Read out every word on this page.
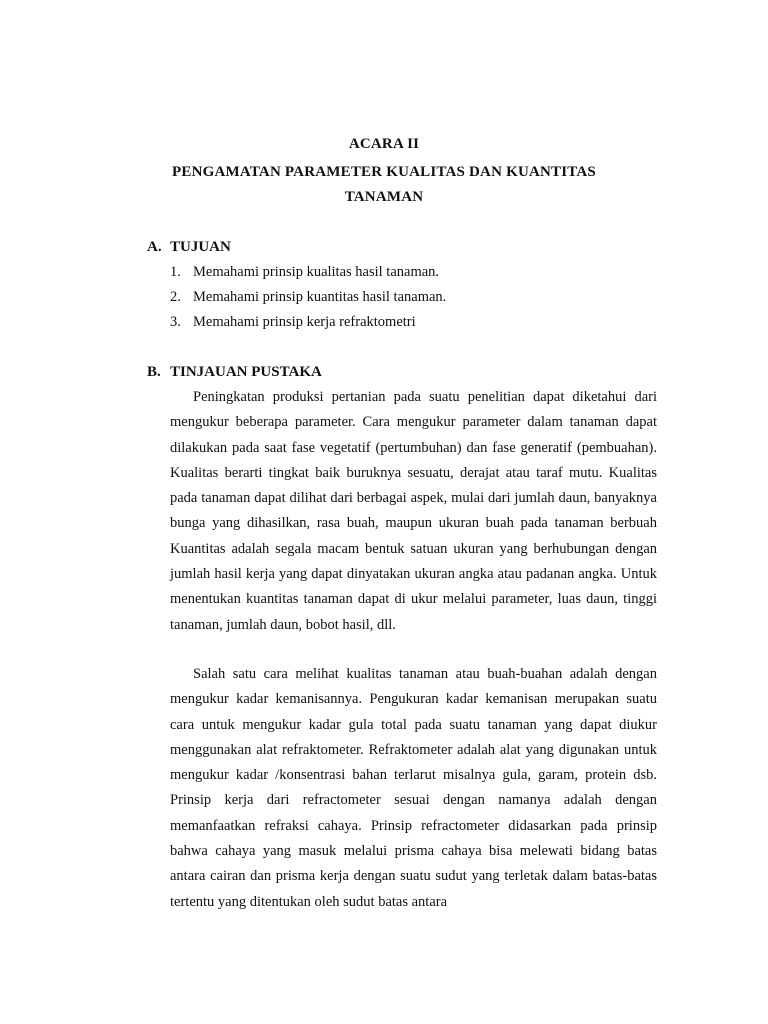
ACARA II
PENGAMATAN PARAMETER KUALITAS DAN KUANTITAS
TANAMAN
A. TUJUAN
1. Memahami prinsip kualitas hasil tanaman.
2. Memahami prinsip kuantitas hasil tanaman.
3. Memahami prinsip kerja refraktometri
B. TINJAUAN PUSTAKA

Peningkatan produksi pertanian pada suatu penelitian dapat diketahui dari mengukur beberapa parameter. Cara mengukur parameter dalam tanaman dapat dilakukan pada saat fase vegetatif (pertumbuhan) dan fase generatif (pembuahan). Kualitas berarti tingkat baik buruknya sesuatu, derajat atau taraf mutu. Kualitas pada tanaman dapat dilihat dari berbagai aspek, mulai dari jumlah daun, banyaknya bunga yang dihasilkan, rasa buah, maupun ukuran buah pada tanaman berbuah Kuantitas adalah segala macam bentuk satuan ukuran yang berhubungan dengan jumlah hasil kerja yang dapat dinyatakan ukuran angka atau padanan angka. Untuk menentukan kuantitas tanaman dapat di ukur melalui parameter, luas daun, tinggi tanaman, jumlah daun, bobot hasil, dll.

Salah satu cara melihat kualitas tanaman atau buah-buahan adalah dengan mengukur kadar kemanisannya. Pengukuran kadar kemanisan merupakan suatu cara untuk mengukur kadar gula total pada suatu tanaman yang dapat diukur menggunakan alat refraktometer. Refraktometer adalah alat yang digunakan untuk mengukur kadar /konsentrasi bahan terlarut misalnya gula, garam, protein dsb. Prinsip kerja dari refractometer sesuai dengan namanya adalah dengan memanfaatkan refraksi cahaya. Prinsip refractometer didasarkan pada prinsip bahwa cahaya yang masuk melalui prisma cahaya bisa melewati bidang batas antara cairan dan prisma kerja dengan suatu sudut yang terletak dalam batas-batas tertentu yang ditentukan oleh sudut batas antara
